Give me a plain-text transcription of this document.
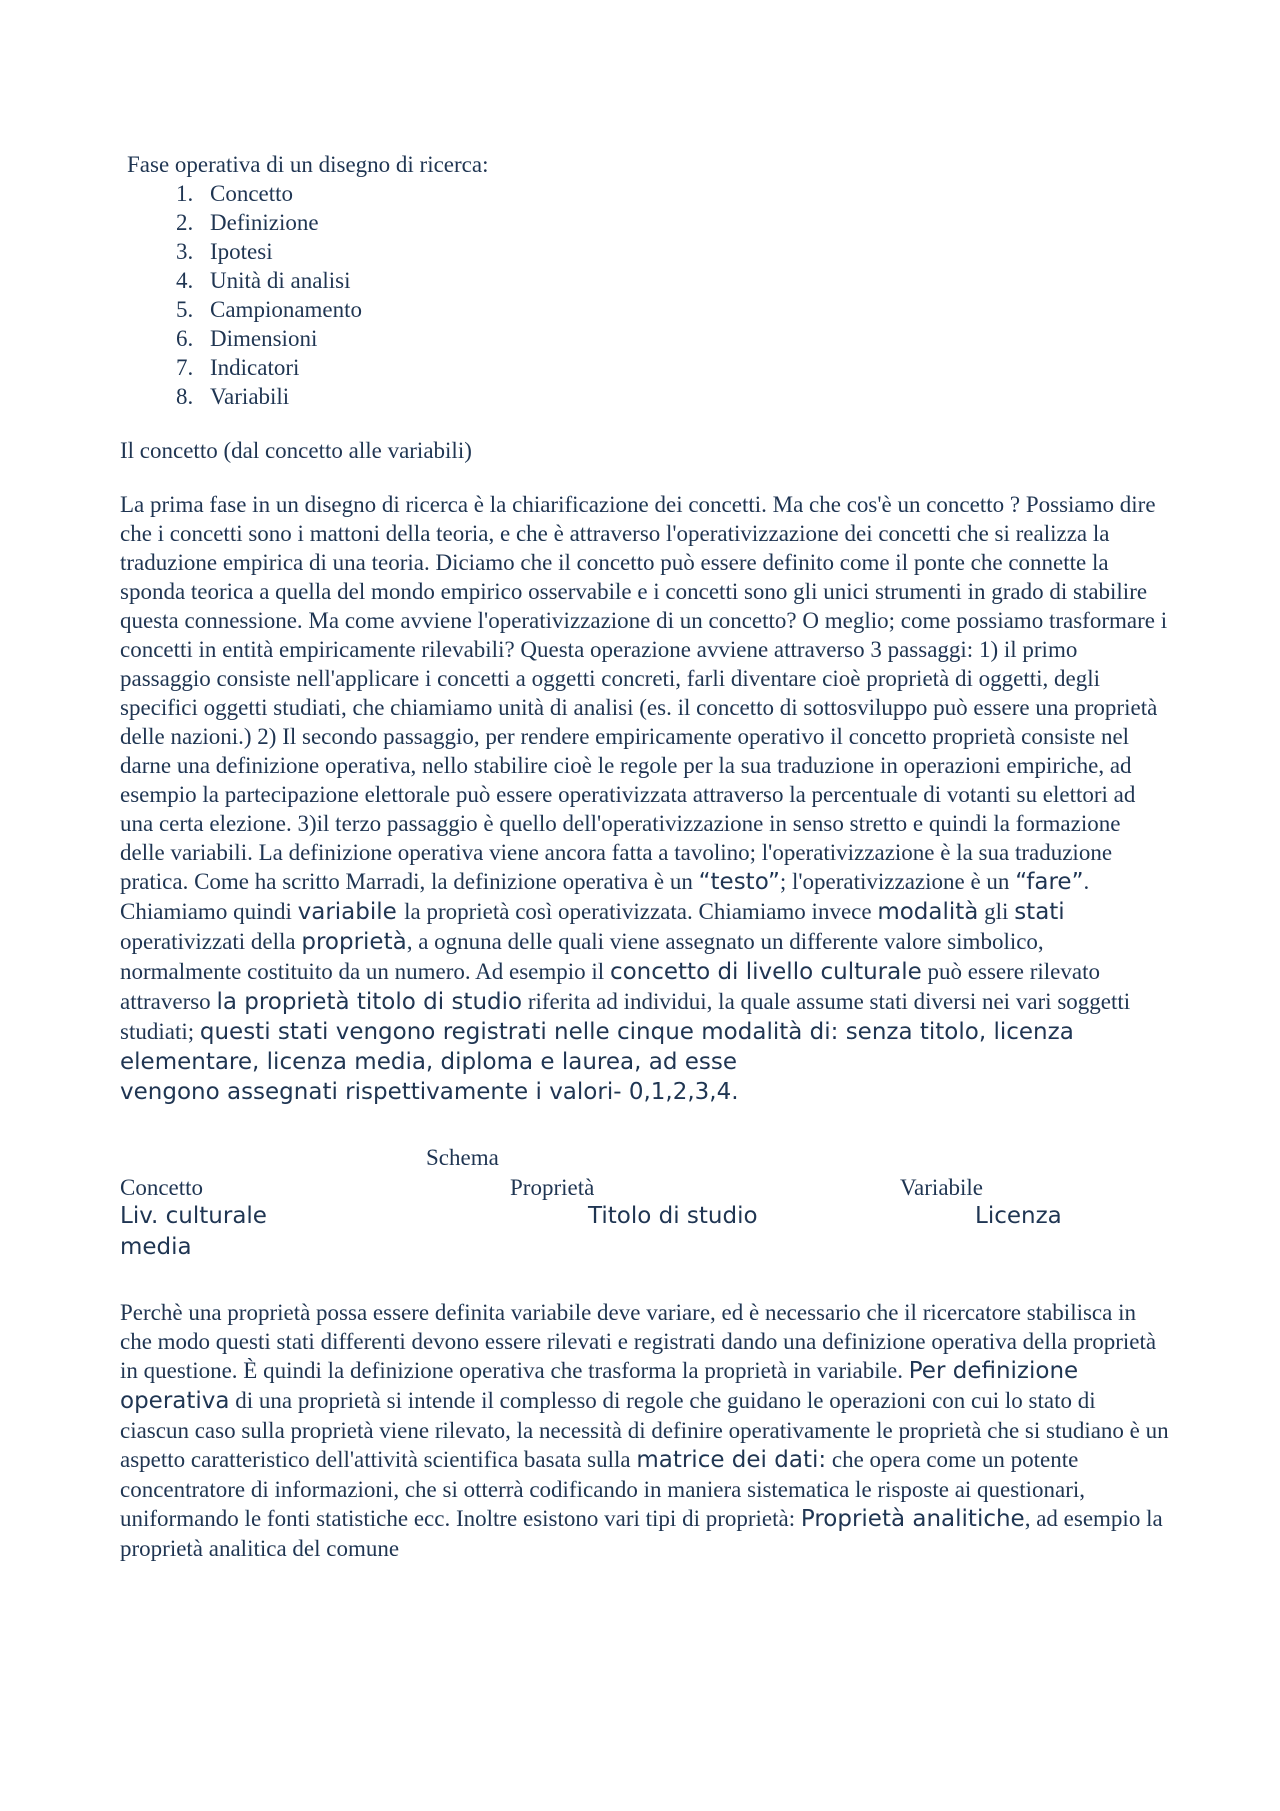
Fase operativa di un disegno di ricerca:
1. Concetto
2. Definizione
3. Ipotesi
4. Unità di analisi
5. Campionamento
6. Dimensioni
7. Indicatori
8. Variabili
Il concetto (dal concetto alle variabili)

La prima fase in un disegno di ricerca è la chiarificazione dei concetti. Ma che cos'è un concetto ? Possiamo dire che i concetti sono i mattoni della teoria, e che è attraverso l'operativizzazione dei concetti che si realizza la traduzione empirica di una teoria. Diciamo che il concetto può essere definito come il ponte che connette la sponda teorica a quella del mondo empirico osservabile e i concetti sono gli unici strumenti in grado di stabilire questa connessione. Ma come avviene l'operativizzazione di un concetto? O meglio; come possiamo trasformare i concetti in entità empiricamente rilevabili? Questa operazione avviene attraverso 3 passaggi: 1) il primo passaggio consiste nell'applicare i concetti a oggetti concreti, farli diventare cioè proprietà di oggetti, degli specifici oggetti studiati, che chiamiamo unità di analisi (es. il concetto di sottosviluppo può essere una proprietà delle nazioni.) 2) Il secondo passaggio, per rendere empiricamente operativo il concetto proprietà consiste nel darne una definizione operativa, nello stabilire cioè le regole per la sua traduzione in operazioni empiriche, ad esempio la partecipazione elettorale può essere operativizzata attraverso la percentuale di votanti su elettori ad una certa elezione. 3)il terzo passaggio è quello dell'operativizzazione in senso stretto e quindi la formazione delle variabili. La definizione operativa viene ancora fatta a tavolino; l'operativizzazione è la sua traduzione pratica. Come ha scritto Marradi, la definizione operativa è un “testo”; l'operativizzazione è un “fare”. Chiamiamo quindi variabile la proprietà così operativizzata. Chiamiamo invece modalità gli stati operativizzati della proprietà, a ognuna delle quali viene assegnato un differente valore simbolico, normalmente costituito da un numero. Ad esempio il concetto di livello culturale può essere rilevato attraverso la proprietà titolo di studio riferita ad individui, la quale assume stati diversi nei vari soggetti studiati; questi stati vengono registrati nelle cinque modalità di: senza titolo, licenza elementare, licenza media, diploma e laurea, ad esse
vengono assegnati rispettivamente i valori- 0,1,2,3,4.

Schema
Concetto	Proprietà	Variabile
Liv. culturale	Titolo di studio	Licenza
media

Perchè una proprietà possa essere definita variabile deve variare, ed è necessario che il ricercatore stabilisca in che modo questi stati differenti devono essere rilevati e registrati dando una definizione operativa della proprietà in questione. È quindi la definizione operativa che trasforma la proprietà in variabile. Per definizione operativa di una proprietà si intende il complesso di regole che guidano le operazioni con cui lo stato di ciascun caso sulla proprietà viene rilevato, la necessità di definire operativamente le proprietà che si studiano è un aspetto caratteristico dell'attività scientifica basata sulla matrice dei dati: che opera come un potente concentratore di informazioni, che si otterrà codificando in maniera sistematica le risposte ai questionari, uniformando le fonti statistiche ecc. Inoltre esistono vari tipi di proprietà: Proprietà analitiche, ad esempio la proprietà analitica del comune
